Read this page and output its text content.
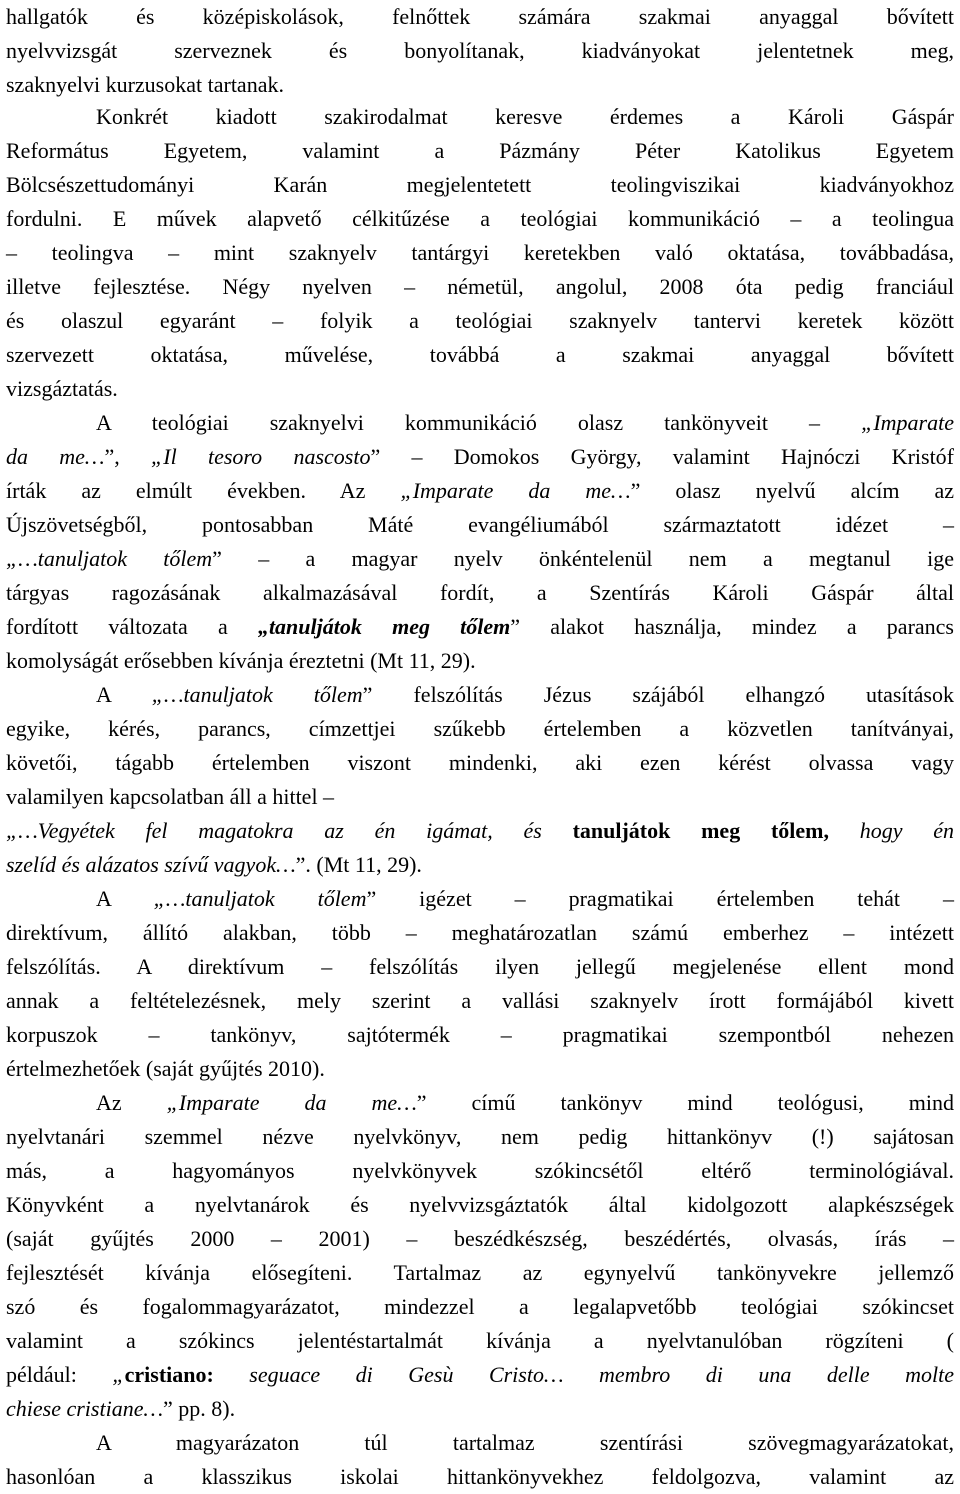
hallgatók és középiskolások, felnőttek számára szakmai anyaggal bővített
nyelvvizsgát szerveznek és bonyolítanak, kiadványokat jelentetnek meg,
szaknyelvi kurzusokat tartanak.
Konkrét kiadott szakirodalmat keresve érdemes a Károli Gáspár
Református Egyetem, valamint a Pázmány Péter Katolikus Egyetem
Bölcsészettudományi Karán megjelentetett teolingviszikai kiadványokhoz
fordulni. E művek alapvető célkitűzése a teológiai kommunikáció – a teolingua
– teolingva – mint szaknyelv tantárgyi keretekben való oktatása, továbbadása,
illetve fejlesztése. Négy nyelven – németül, angolul, 2008 óta pedig franciául
és olaszul egyaránt – folyik a teológiai szaknyelv tantervi keretek között
szervezett oktatása, művelése, továbbá a szakmai anyaggal bővített
vizsgáztatás.
A teológiai szaknyelvi kommunikáció olasz tankönyveit – „Imparate
da me…”, „Il tesoro nascosto” – Domokos György, valamint Hajnóczi Kristóf
írták az elmúlt években. Az „Imparate da me…” olasz nyelvű alcím az
Újszövetségből, pontosabban Máté evangéliumából származtatott idézet –
„…tanuljatok tőlem” – a magyar nyelv önkéntelenül nem a megtanul ige
tárgyas ragozásának alkalmazásával fordít, a Szentírás Károli Gáspár által
fordított változata a „tanuljátok meg tőlem” alakot használja, mindez a parancs
komolyságát erősebben kívánja éreztetni (Mt 11, 29).
A „…tanuljatok tőlem” felszólítás Jézus szájából elhangzó utasítások
egyike, kérés, parancs, címzettjei szűkebb értelemben a közvetlen tanítványai,
követői, tágabb értelemben viszont mindenki, aki ezen kérést olvassa vagy
valamilyen kapcsolatban áll a hittel –
„…Vegyétek fel magatokra az én igámat, és tanuljátok meg tőlem, hogy én
szelíd és alázatos szívű vagyok…”. (Mt 11, 29).
A „…tanuljatok tőlem” igézet – pragmatikai értelemben tehát –
direktívum, állító alakban, több – meghatározatlan számú emberhez – intézett
felszólítás. A direktívum – felszólítás ilyen jellegű megjelenése ellent mond
annak a feltételezésnek, mely szerint a vallási szaknyelv írott formájából kivett
korpuszok – tankönyv, sajtótermék – pragmatikai szempontból nehezen
értelmezhetőek (saját gyűjtés 2010).
Az „Imparate da me…” című tankönyv mind teológusi, mind
nyelvtanári szemmel nézve nyelvkönyv, nem pedig hittankönyv (!) sajátosan
más, a hagyományos nyelvkönyvek szókincsétől eltérő terminológiával.
Könyvként a nyelvtanárok és nyelvvizsgáztatók által kidolgozott alapkészségek
(saját gyűjtés 2000 – 2001) – beszédkészség, beszédértés, olvasás, írás –
fejlesztését kívánja elősegíteni. Tartalmaz az egynyelvű tankönyvekre jellemző
szó és fogalommagyarázatot, mindezzel a legalapvetőbb teológiai szókincset
valamint a szókincs jelentéstartalmát kívánja a nyelvtanulóban rögzíteni (
például: „cristiano: seguace di Gesù Cristo… membro di una delle molte
chiese cristiane…” pp. 8).
A magyarázaton túl tartalmaz szentírási szövegmagyarázatokat,
hasonlóan a klasszikus iskolai hittankönyvekhez feldolgozva, valamint az
